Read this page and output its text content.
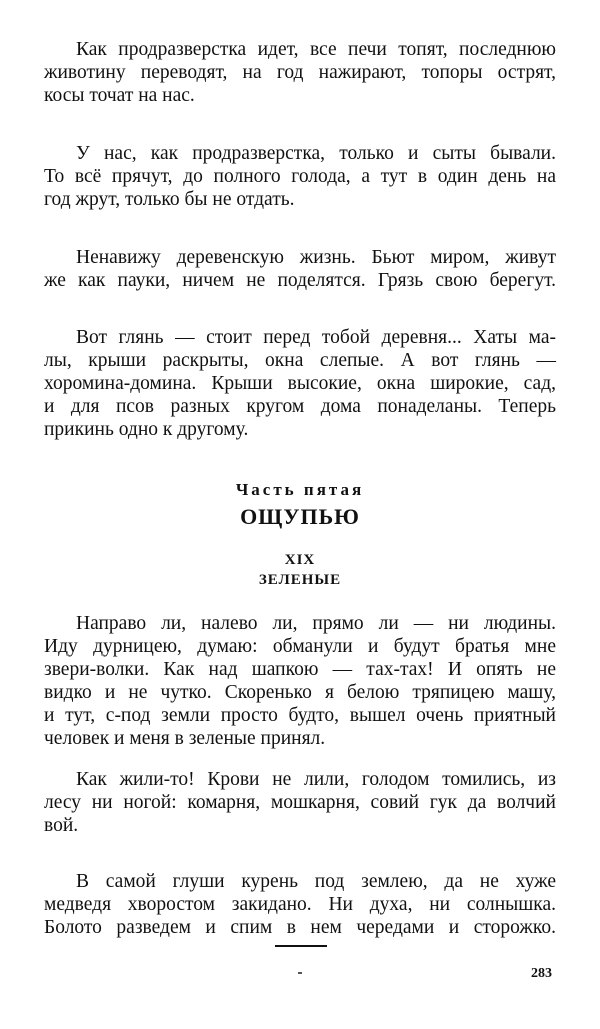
Как продразверстка идет, все печи топят, последнюю
животину переводят, на год нажирают, топоры острят,
косы точат на нас.

У нас, как продразверстка, только и сыты бывали.
То всё прячут, до полного голода, а тут в один день на
год жрут, только бы не отдать.

Ненавижу деревенскую жизнь. Бьют миром, живут
же как пауки, ничем не поделятся. Грязь свою берегут.

Вот глянь — стоит перед тобой деревня... Хаты ма-
лы, крыши раскрыты, окна слепые. А вот глянь —
хоромина-домина. Крыши высокие, окна широкие, сад,
и для псов разных кругом дома понаделаны. Теперь
прикинь одно к другому.

Часть пятая

ОЩУПЬЮ

XIX

ЗЕЛЕНЫЕ

Направо ли, налево ли, прямо ли — ни людины.
Иду дурницею, думаю: обманули и будут братья мне
звери-волки. Как над шапкою — тах-тах! И опять не
видко и не чутко. Скоренько я белою тряпицею машу,
и тут, с-под земли просто будто, вышел очень приятный
человек и меня в зеленые принял.

Как жили-то! Крови не лили, голодом томились, из
лесу ни ногой: комарня, мошкарня, совий гук да волчий
вой.

В самой глуши курень под землею, да не хуже
медведя хворостом закидано. Ни духа, ни солнышка.
Болото разведем и спим в нем чередами и сторожко.

283
